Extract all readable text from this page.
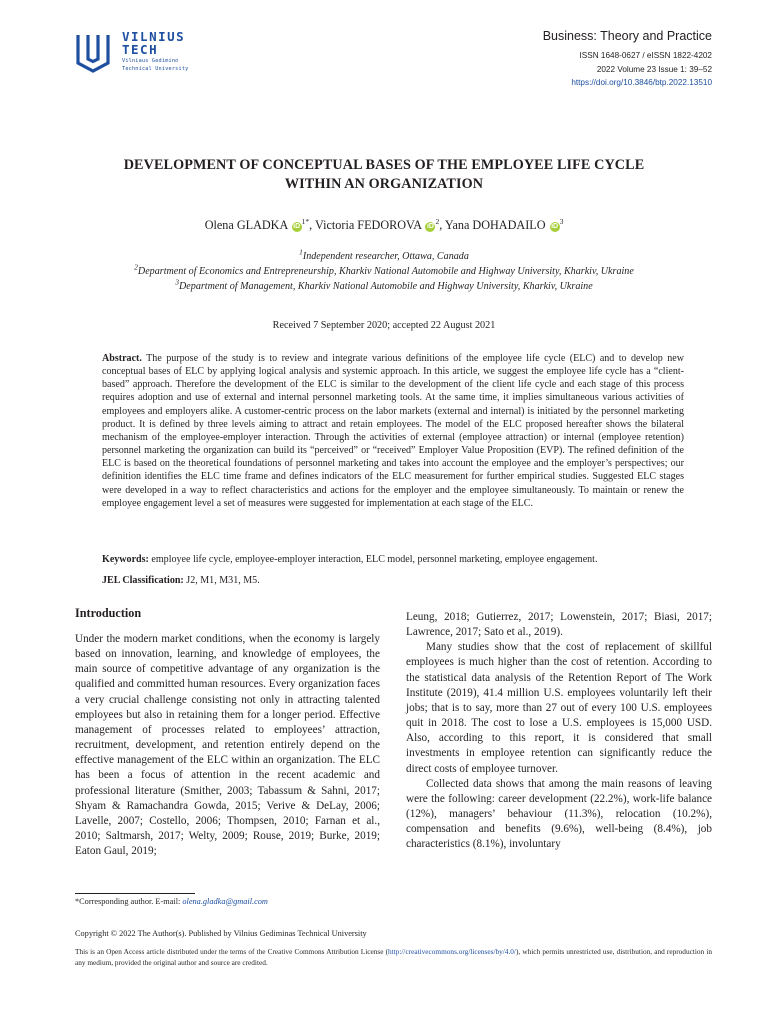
VILNIUS
TECH
Vilniaus Gedimino
Technical University
Business: Theory and Practice
ISSN 1648-0627 / eISSN 1822-4202
2022 Volume 23 Issue 1: 39–52
https://doi.org/10.3846/btp.2022.13510
DEVELOPMENT OF CONCEPTUAL BASES OF THE EMPLOYEE LIFE CYCLE WITHIN AN ORGANIZATION
Olena GLADKA $iD^{1*}$, Victoria FEDOROVA $iD^2$, Yana DOHADAILO $iD^3$
$^1$Independent researcher, Ottawa, Canada
$^2$Department of Economics and Entrepreneurship, Kharkiv National Automobile and Highway University, Kharkiv, Ukraine
$^3$Department of Management, Kharkiv National Automobile and Highway University, Kharkiv, Ukraine
Received 7 September 2020; accepted 22 August 2021
Abstract. The purpose of the study is to review and integrate various definitions of the employee life cycle (ELC) and to develop new conceptual bases of ELC by applying logical analysis and systemic approach. In this article, we suggest the employee life cycle has a “client-based” approach. Therefore the development of the ELC is similar to the development of the client life cycle and each stage of this process requires adoption and use of external and internal personnel marketing tools. At the same time, it implies simultaneous various activities of employees and employers alike. A customer-centric process on the labor markets (external and internal) is initiated by the personnel marketing product. It is defined by three levels aiming to attract and retain employees. The model of the ELC proposed hereafter shows the bilateral mechanism of the employee-employer interaction. Through the activities of external (employee attraction) or internal (employee retention) personnel marketing the organization can build its “perceived” or “received” Employer Value Proposition (EVP). The refined definition of the ELC is based on the theoretical foundations of personnel marketing and takes into account the employee and the employer’s perspectives; our definition identifies the ELC time frame and defines indicators of the ELC measurement for further empirical studies. Suggested ELC stages were developed in a way to reflect characteristics and actions for the employer and the employee simultaneously. To maintain or renew the employee engagement level a set of measures were suggested for implementation at each stage of the ELC.
Keywords: employee life cycle, employee-employer interaction, ELC model, personnel marketing, employee engagement.
JEL Classification: J2, M1, M31, M5.
Introduction

Under the modern market conditions, when the economy is largely based on innovation, learning, and knowledge of employees, the main source of competitive advantage of any organization is the qualified and committed human resources. Every organization faces a very crucial challenge consisting not only in attracting talented employees but also in retaining them for a longer period. Effective management of processes related to employees’ attraction, recruitment, development, and retention entirely depend on the effective management of the ELC within an organization. The ELC has been a focus of attention in the recent academic and professional literature (Smither, 2003; Tabassum & Sahni, 2017; Shyam & Ramachandra Gowda, 2015; Verive & DeLay, 2006; Lavelle, 2007; Costello, 2006; Thompsen, 2010; Farnan et al., 2010; Saltmarsh, 2017; Welty, 2009; Rouse, 2019; Burke, 2019; Eaton Gaul, 2019;

Leung, 2018; Gutierrez, 2017; Lowenstein, 2017; Biasi, 2017; Lawrence, 2017; Sato et al., 2019).

Many studies show that the cost of replacement of skillful employees is much higher than the cost of retention. According to the statistical data analysis of the Retention Report of The Work Institute (2019), 41.4 million U.S. employees voluntarily left their jobs; that is to say, more than 27 out of every 100 U.S. employees quit in 2018. The cost to lose a U.S. employees is 15,000 USD. Also, according to this report, it is considered that small investments in employee retention can significantly reduce the direct costs of employee turnover.

Collected data shows that among the main reasons of leaving were the following: career development (22.2%), work-life balance (12%), managers’ behaviour (11.3%), relocation (10.2%), compensation and benefits (9.6%), well-being (8.4%), job characteristics (8.1%), involuntary

*Corresponding author. E-mail: olena.gladka@gmail.com
Copyright © 2022 The Author(s). Published by Vilnius Gediminas Technical University
This is an Open Access article distributed under the terms of the Creative Commons Attribution License (http://creativecommons.org/licenses/by/4.0/), which permits unrestricted use, distribution, and reproduction in any medium, provided the original author and source are credited.
